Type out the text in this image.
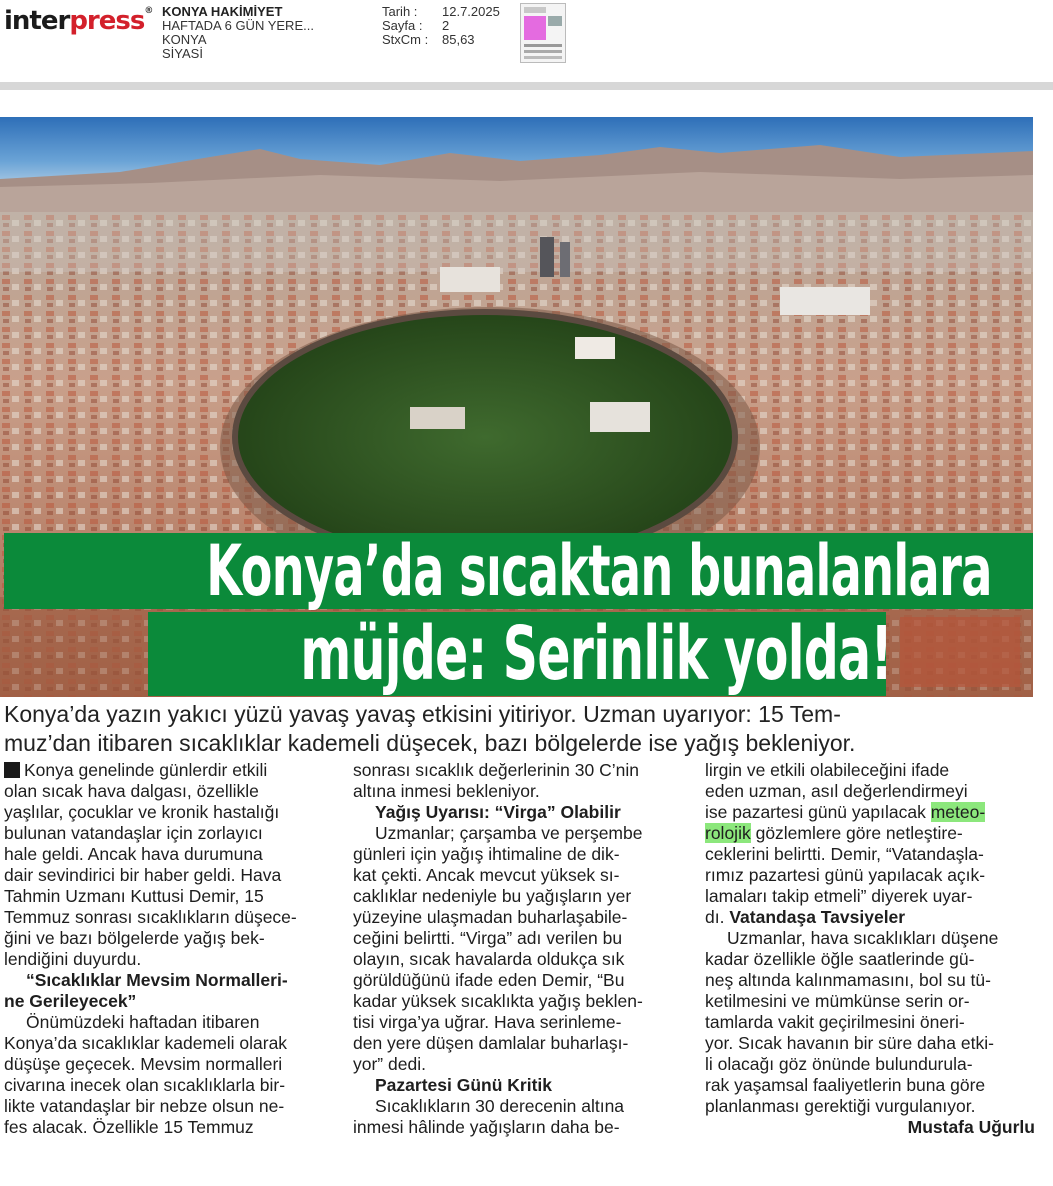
interpress® KONYA HAKİMİYET
HAFTADA 6 GÜN YERE...
KONYA
SİYASİ
Tarih :	12.7.2025
Sayfa :	2
StxCm :	85,63
Konya’da sıcaktan bunalanlara
müjde: Serinlik yolda!
Konya’da yazın yakıcı yüzü yavaş yavaş etkisini yitiriyor. Uzman uyarıyor: 15 Tem-
muz’dan itibaren sıcaklıklar kademeli düşecek, bazı bölgelerde ise yağış bekleniyor.
Konya genelinde günlerdir etkili
olan sıcak hava dalgası, özellikle
yaşlılar, çocuklar ve kronik hastalığı
bulunan vatandaşlar için zorlayıcı
hale geldi. Ancak hava durumuna
dair sevindirici bir haber geldi. Hava
Tahmin Uzmanı Kuttusi Demir, 15
Temmuz sonrası sıcaklıkların düşece-
ğini ve bazı bölgelerde yağış bek-
lendiğini duyurdu.
“Sıcaklıklar Mevsim Normalleri-
ne Gerileyecek”
Önümüzdeki haftadan itibaren
Konya’da sıcaklıklar kademeli olarak
düşüşe geçecek. Mevsim normalleri
civarına inecek olan sıcaklıklarla bir-
likte vatandaşlar bir nebze olsun ne-
fes alacak. Özellikle 15 Temmuz
sonrası sıcaklık değerlerinin 30 C’nin
altına inmesi bekleniyor.
Yağış Uyarısı: “Virga” Olabilir
Uzmanlar; çarşamba ve perşembe
günleri için yağış ihtimaline de dik-
kat çekti. Ancak mevcut yüksek sı-
caklıklar nedeniyle bu yağışların yer
yüzeyine ulaşmadan buharlaşabile-
ceğini belirtti. “Virga” adı verilen bu
olayın, sıcak havalarda oldukça sık
görüldüğünü ifade eden Demir, “Bu
kadar yüksek sıcaklıkta yağış beklen-
tisi virga’ya uğrar. Hava serinleme-
den yere düşen damlalar buharlaşı-
yor” dedi.
Pazartesi Günü Kritik
Sıcaklıkların 30 derecenin altına
inmesi hâlinde yağışların daha be-
lirgin ve etkili olabileceğini ifade
eden uzman, asıl değerlendirmeyi
ise pazartesi günü yapılacak meteo-
rolojik gözlemlere göre netleştire-
ceklerini belirtti. Demir, “Vatandaşla-
rımız pazartesi günü yapılacak açık-
lamaları takip etmeli” diyerek uyar-
dı. Vatandaşa Tavsiyeler
Uzmanlar, hava sıcaklıkları düşene
kadar özellikle öğle saatlerinde gü-
neş altında kalınmamasını, bol su tü-
ketilmesini ve mümkünse serin or-
tamlarda vakit geçirilmesini öneri-
yor. Sıcak havanın bir süre daha etki-
li olacağı göz önünde bulundurula-
rak yaşamsal faaliyetlerin buna göre
planlanması gerektiği vurgulanıyor.
Mustafa Uğurlu
